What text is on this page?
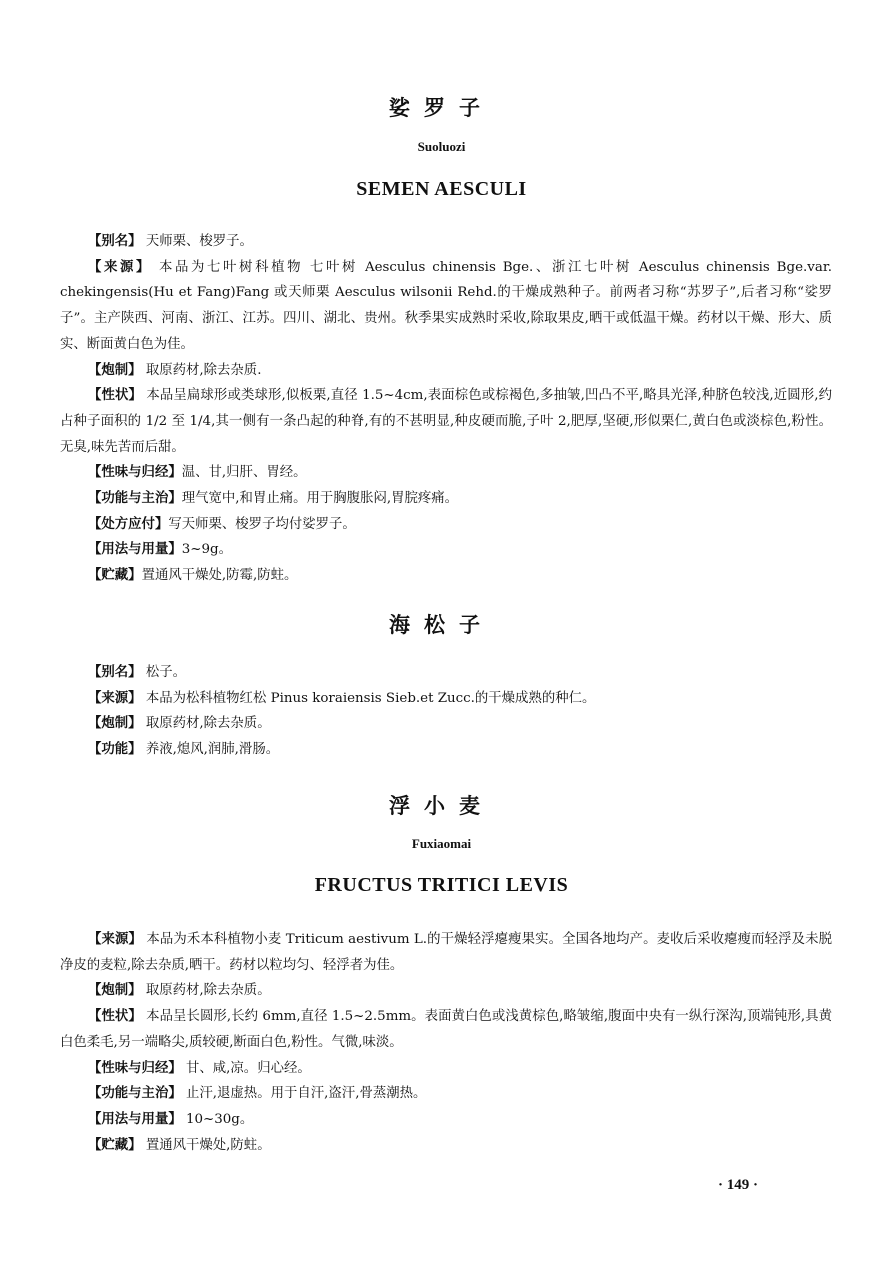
娑罗子
Suoluozi
SEMEN AESCULI

【别名】 天师栗、梭罗子。

【来源】 本品为七叶树科植物 七叶树 Aesculus chinensis Bge.、浙江七叶树 Aesculus chinensis Bge.var. chekingensis(Hu et Fang)Fang 或天师栗 Aesculus wilsonii Rehd.的干燥成熟种子。前两者习称“苏罗子”,后者习称“娑罗子”。主产陕西、河南、浙江、江苏。四川、湖北、贵州。秋季果实成熟时采收,除取果皮,晒干或低温干燥。药材以干燥、形大、质实、断面黄白色为佳。

【炮制】 取原药材,除去杂质.

【性状】 本品呈扁球形或类球形,似板栗,直径 1.5~4cm,表面棕色或棕褐色,多抽皱,凹凸不平,略具光泽,种脐色较浅,近圆形,约占种子面积的 1/2 至 1/4,其一侧有一条凸起的种脊,有的不甚明显,种皮硬而脆,子叶 2,肥厚,坚硬,形似栗仁,黄白色或淡棕色,粉性。无臭,味先苦而后甜。

【性味与归经】温、甘,归肝、胃经。

【功能与主治】理气宽中,和胃止痛。用于胸腹胀闷,胃脘疼痛。

【处方应付】写天师栗、梭罗子均付娑罗子。

【用法与用量】3~9g。

【贮藏】置通风干燥处,防霉,防蛀。

海松子

【别名】 松子。

【来源】 本品为松科植物红松 Pinus koraiensis Sieb.et Zucc.的干燥成熟的种仁。

【炮制】 取原药材,除去杂质。

【功能】 养液,熄风,润肺,滑肠。

浮小麦
Fuxiaomai
FRUCTUS TRITICI LEVIS

【来源】 本品为禾本科植物小麦 Triticum aestivum L.的干燥轻浮瘪瘦果实。全国各地均产。麦收后采收瘪瘦而轻浮及未脱净皮的麦粒,除去杂质,晒干。药材以粒均匀、轻浮者为佳。

【炮制】 取原药材,除去杂质。

【性状】 本品呈长圆形,长约 6mm,直径 1.5~2.5mm。表面黄白色或浅黄棕色,略皱缩,腹面中央有一纵行深沟,顶端钝形,具黄白色柔毛,另一端略尖,质较硬,断面白色,粉性。气微,味淡。

【性味与归经】 甘、咸,凉。归心经。

【功能与主治】 止汗,退虚热。用于自汗,盗汗,骨蒸潮热。

【用法与用量】 10~30g。

【贮藏】 置通风干燥处,防蛀。

· 149 ·
